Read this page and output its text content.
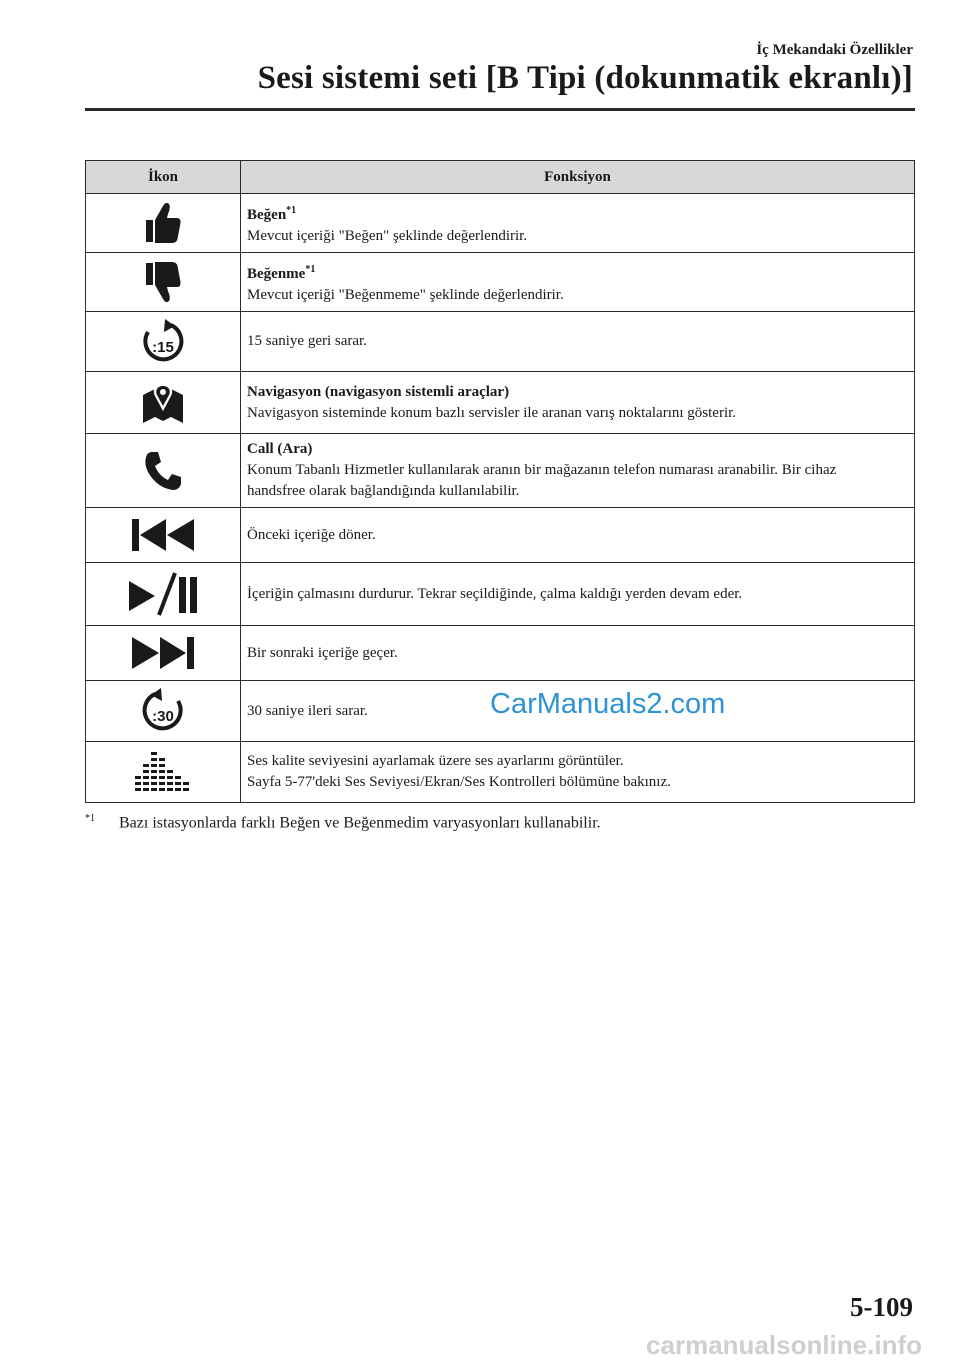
İç Mekandaki Özellikler
Sesi sistemi seti [B Tipi (dokunmatik ekranlı)]
İkon	Fonksiyon

Beğen$^{*1}$
Mevcut içeriği "Beğen" şeklinde değerlendirir.

Beğenme$^{*1}$
Mevcut içeriği "Beğenmeme" şeklinde değerlendirir.

:15	15 saniye geri sarar.

Navigasyon (navigasyon sistemli araçlar)
Navigasyon sisteminde konum bazlı servisler ile aranan varış noktalarını gösterir.

Call (Ara)
Konum Tabanlı Hizmetler kullanılarak aranın bir mağazanın telefon numarası aranabilir. Bir cihaz
handsfree olarak bağlandığında kullanılabilir.

Önceki içeriğe döner.

İçeriğin çalmasını durdurur. Tekrar seçildiğinde, çalma kaldığı yerden devam eder.

Bir sonraki içeriğe geçer.

:30	30 saniye ileri sarar.

Ses kalite seviyesini ayarlamak üzere ses ayarlarını görüntüler.
Sayfa 5-77'deki Ses Seviyesi/Ekran/Ses Kontrolleri bölümüne bakınız.
CarManuals2.com
$^{*1}$ Bazı istasyonlarda farklı Beğen ve Beğenmedim varyasyonları kullanabilir.
5-109
carmanualsonline.info
